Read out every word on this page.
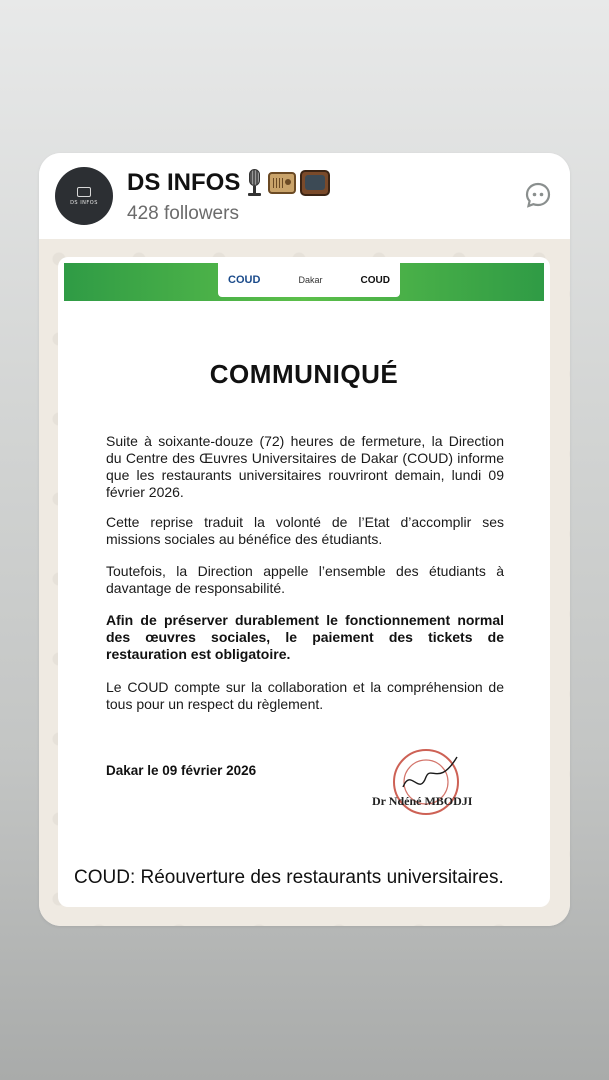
DS INFOS
DS INFOS
428 followers
COUD	Dakar	COUD
COMMUNIQUÉ

Suite à soixante-douze (72) heures de fermeture, la Direction du Centre des Œuvres Universitaires de Dakar (COUD) informe que les restaurants universitaires rouvriront demain, lundi 09 février 2026.

Cette reprise traduit la volonté de l’Etat d’accomplir ses missions sociales au bénéfice des étudiants.

Toutefois, la Direction appelle l’ensemble des étudiants à davantage de responsabilité.

Afin de préserver durablement le fonctionnement normal des œuvres sociales, le paiement des tickets de restauration est obligatoire.

Le COUD compte sur la collaboration et la compréhension de tous pour un respect du règlement.

Dakar le 09 février 2026
Dr Ndéné MBODJI
COUD: Réouverture des restaurants universitaires.
